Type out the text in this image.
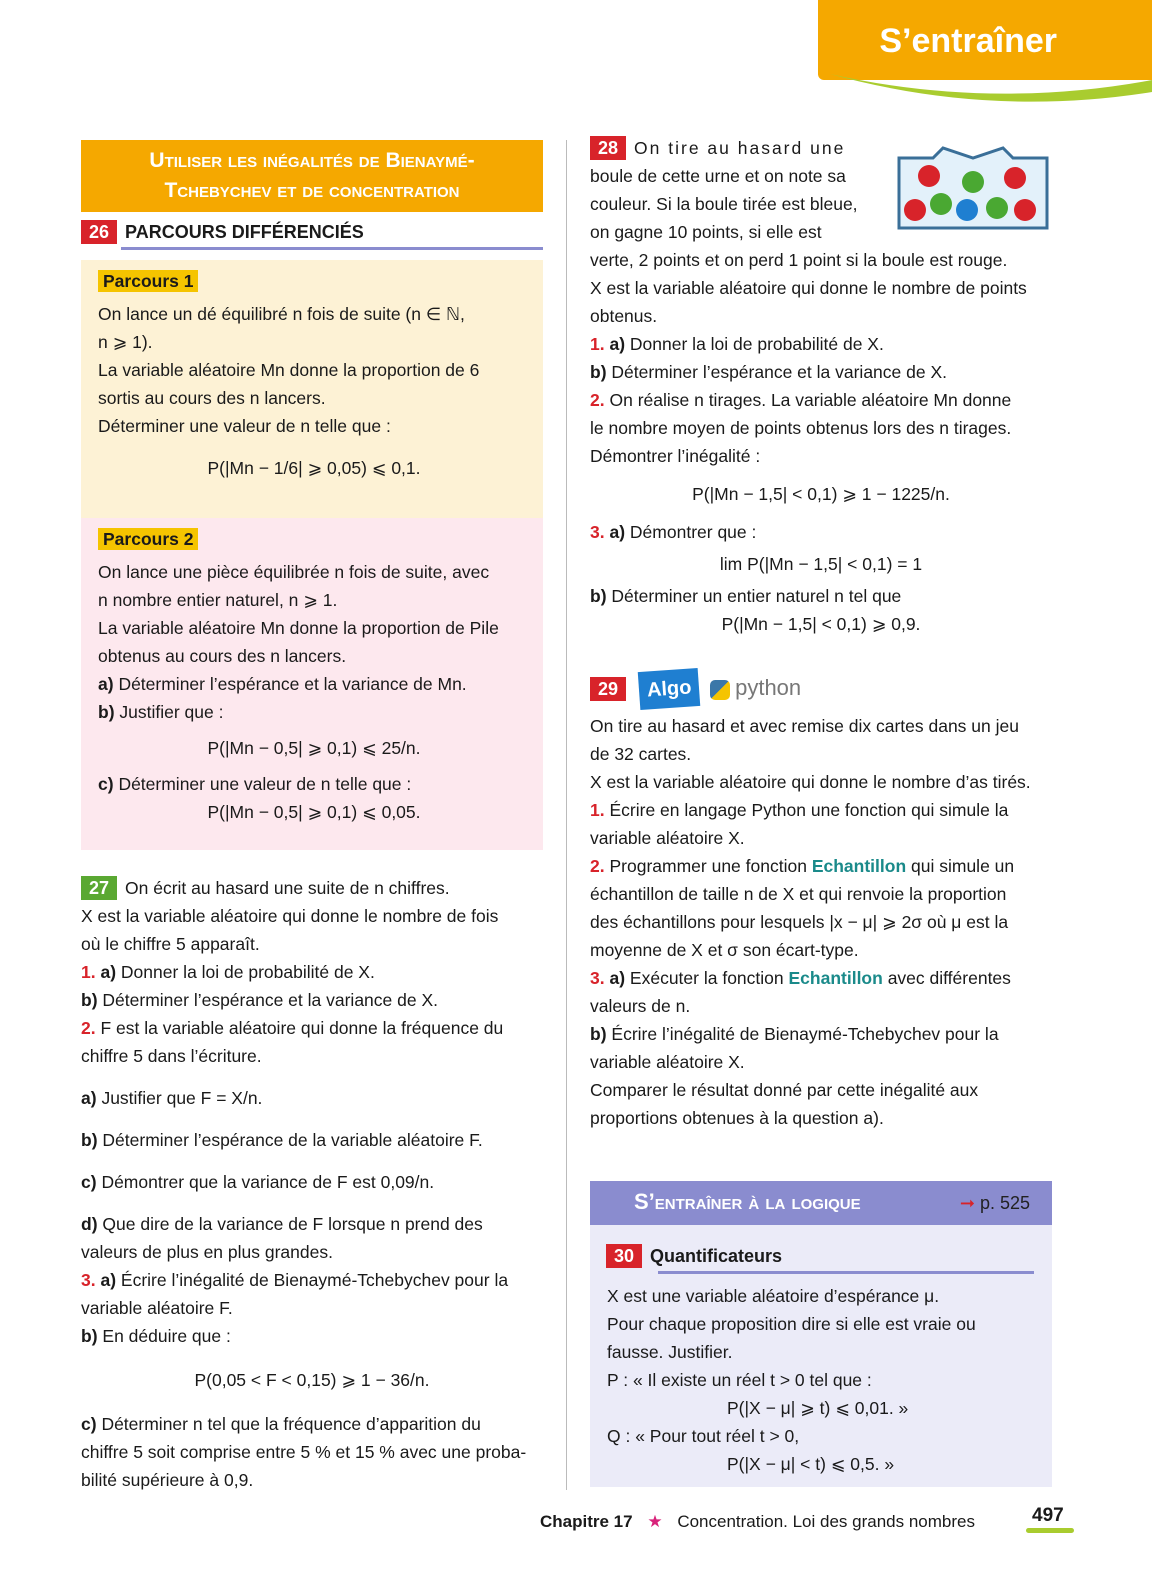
S’entraîner
Utiliser les inégalités de Bienaymé-
Tchebychev et de concentration
26 PARCOURS DIFFÉRENCIÉS
Parcours 1

On lance un dé équilibré n fois de suite (n ∈ ℕ,

n ⩾ 1).

La variable aléatoire Mn donne la proportion de 6

sortis au cours des n lancers.

Déterminer une valeur de n telle que :

P(|Mn − 1/6| ⩾ 0,05) ⩽ 0,1.

Parcours 2

On lance une pièce équilibrée n fois de suite, avec

n nombre entier naturel, n ⩾ 1.

La variable aléatoire Mn donne la proportion de Pile

obtenus au cours des n lancers.

a) Déterminer l’espérance et la variance de Mn.

b) Justifier que :

P(|Mn − 0,5| ⩾ 0,1) ⩽ 25/n.

c) Déterminer une valeur de n telle que :

P(|Mn − 0,5| ⩾ 0,1) ⩽ 0,05.

27 On écrit au hasard une suite de n chiffres.

X est la variable aléatoire qui donne le nombre de fois

où le chiffre 5 apparaît.

1. a) Donner la loi de probabilité de X.

b) Déterminer l’espérance et la variance de X.

2. F est la variable aléatoire qui donne la fréquence du

chiffre 5 dans l’écriture.

a) Justifier que F = X/n.

b) Déterminer l’espérance de la variable aléatoire F.

c) Démontrer que la variance de F est 0,09/n.

d) Que dire de la variance de F lorsque n prend des

valeurs de plus en plus grandes.

3. a) Écrire l’inégalité de Bienaymé-Tchebychev pour la

variable aléatoire F.

b) En déduire que :

P(0,05 < F < 0,15) ⩾ 1 − 36/n.

c) Déterminer n tel que la fréquence d’apparition du

chiffre 5 soit comprise entre 5 % et 15 % avec une proba-

bilité supérieure à 0,9.

28 On tire au hasard une

boule de cette urne et on note sa

couleur. Si la boule tirée est bleue,

on gagne 10 points, si elle est

verte, 2 points et on perd 1 point si la boule est rouge.

X est la variable aléatoire qui donne le nombre de points

obtenus.

1. a) Donner la loi de probabilité de X.

b) Déterminer l’espérance et la variance de X.

2. On réalise n tirages. La variable aléatoire Mn donne

le nombre moyen de points obtenus lors des n tirages.

Démontrer l’inégalité :

P(|Mn − 1,5| < 0,1) ⩾ 1 − 1225/n.

3. a) Démontrer que :

lim P(|Mn − 1,5| < 0,1) = 1

b) Déterminer un entier naturel n tel que

P(|Mn − 1,5| < 0,1) ⩾ 0,9.

29 Algo python

On tire au hasard et avec remise dix cartes dans un jeu

de 32 cartes.

X est la variable aléatoire qui donne le nombre d’as tirés.

1. Écrire en langage Python une fonction qui simule la

variable aléatoire X.

2. Programmer une fonction Echantillon qui simule un

échantillon de taille n de X et qui renvoie la proportion

des échantillons pour lesquels |x − μ| ⩾ 2σ où μ est la

moyenne de X et σ son écart-type.

3. a) Exécuter la fonction Echantillon avec différentes

valeurs de n.

b) Écrire l’inégalité de Bienaymé-Tchebychev pour la

variable aléatoire X.

Comparer le résultat donné par cette inégalité aux

proportions obtenues à la question a).

S’entraîner à la logique	➞ p. 525
30 Quantificateurs

X est une variable aléatoire d’espérance μ.

Pour chaque proposition dire si elle est vraie ou

fausse. Justifier.

P : « Il existe un réel t > 0 tel que :

P(|X − μ| ⩾ t) ⩽ 0,01. »

Q : « Pour tout réel t > 0,

P(|X − μ| < t) ⩽ 0,5. »

Chapitre 17 ★ Concentration. Loi des grands nombres	497
